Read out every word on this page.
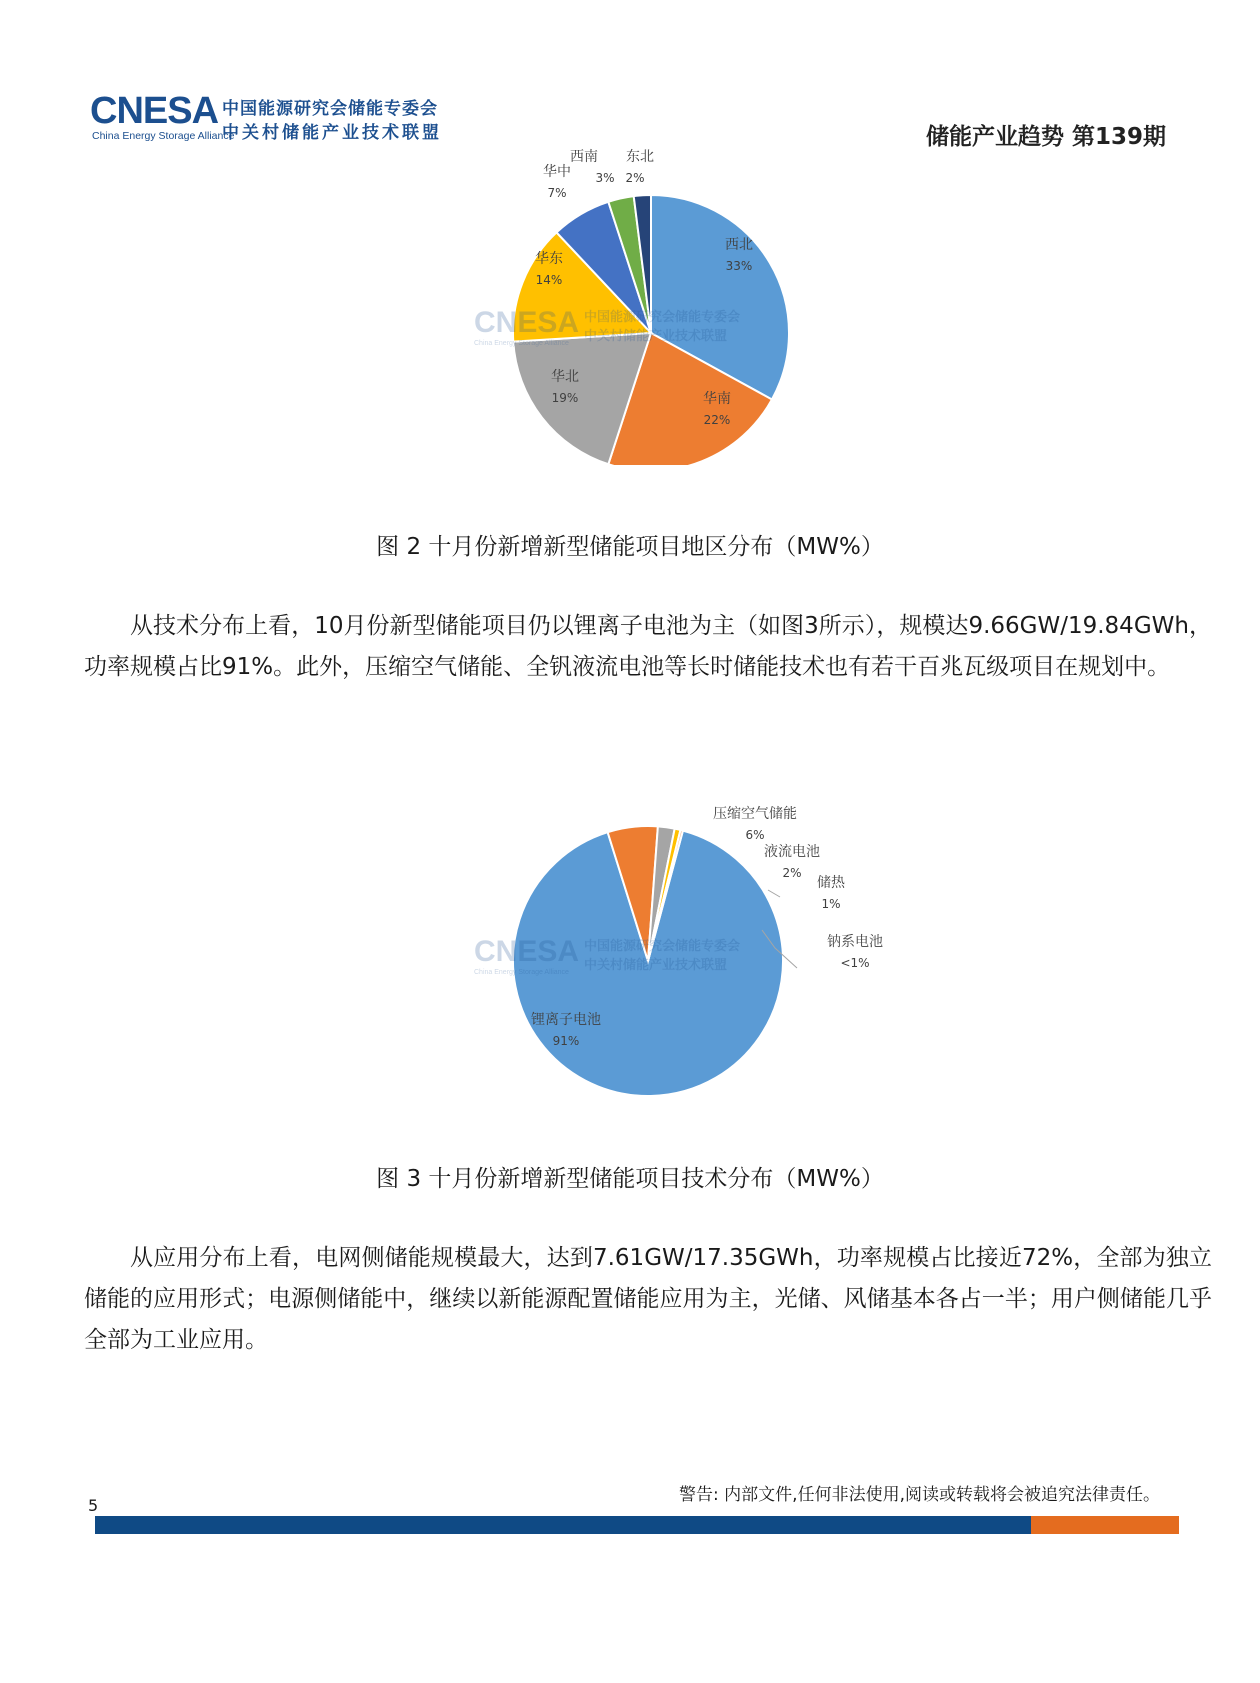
CNESA
China Energy Storage Alliance
中国能源研究会储能专委会
中关村储能产业技术联盟	储能产业趋势 第139期
CNESA 中国能源研究会储能专委会
中关村储能产业技术联盟
China Energy Storage Alliance
西北
33%
华南
22%
华北
19%
华东
14%
华中
7%
西南
3%
东北
2%
图 2 十月份新增新型储能项目地区分布（MW%）

从技术分布上看，10月份新型储能项目仍以锂离子电池为主（如图3所示），规模达9.66GW/19.84GWh，功率规模占比91%。此外，压缩空气储能、全钒液流电池等长时储能技术也有若干百兆瓦级项目在规划中。

CNESA 中国能源研究会储能专委会
中关村储能产业技术联盟
China Energy Storage Alliance
锂离子电池
91%
压缩空气储能
6%
液流电池
2%
储热
1%
钠系电池
<1%
图 3 十月份新增新型储能项目技术分布（MW%）

从应用分布上看，电网侧储能规模最大，达到7.61GW/17.35GWh，功率规模占比接近72%，全部为独立储能的应用形式；电源侧储能中，继续以新能源配置储能应用为主，光储、风储基本各占一半；用户侧储能几乎全部为工业应用。

警告: 内部文件,任何非法使用,阅读或转载将会被追究法律责任。
5
